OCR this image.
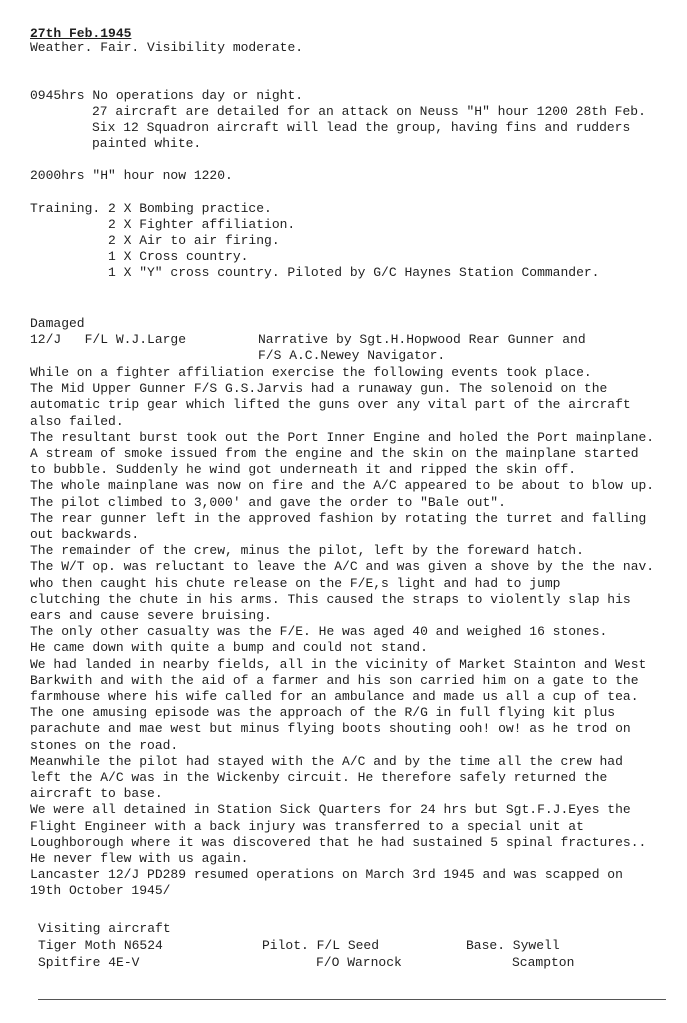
27th Feb.1945
Weather. Fair. Visibility moderate.
0945hrs No operations day or night.
27 aircraft are detailed for an attack on Neuss "H" hour 1200 28th Feb.
Six 12 Squadron aircraft will lead the group, having fins and rudders
painted white.
2000hrs "H" hour now 1220.
Training. 2 X Bombing practice.
2 X Fighter affiliation.
2 X Air to air firing.
1 X Cross country.
1 X "Y" cross country. Piloted by G/C Haynes Station Commander.
Damaged
12/J   F/L W.J.Large	Narrative by Sgt.H.Hopwood Rear Gunner and
F/S A.C.Newey Navigator.
While on a fighter affiliation exercise the following events took place.
The Mid Upper Gunner F/S G.S.Jarvis had a runaway gun. The solenoid on the
automatic trip gear which lifted the guns over any vital part of the aircraft
also failed.
The resultant burst took out the Port Inner Engine and holed the Port mainplane.
A stream of smoke issued from the engine and the skin on the mainplane started
to bubble. Suddenly he wind got underneath it and ripped the skin off.
The whole mainplane was now on fire and the A/C appeared to be about to blow up.
The pilot climbed to 3,000' and gave the order to "Bale out".
The rear gunner left in the approved fashion by rotating the turret and falling
out backwards.
The remainder of the crew, minus the pilot, left by the foreward hatch.
The W/T op. was reluctant to leave the A/C and was given a shove by the the nav.
who then caught his chute release on the F/E,s light and had to jump
clutching the chute in his arms. This caused the straps to violently slap his
ears and cause severe bruising.
The only other casualty was the F/E. He was aged 40 and weighed 16 stones.
He came down with quite a bump and could not stand.
We had landed in nearby fields, all in the vicinity of Market Stainton and West
Barkwith and with the aid of a farmer and his son carried him on a gate to the
farmhouse where his wife called for an ambulance and made us all a cup of tea.
The one amusing episode was the approach of the R/G in full flying kit plus
parachute and mae west but minus flying boots shouting ooh! ow! as he trod on
stones on the road.
Meanwhile the pilot had stayed with the A/C and by the time all the crew had
left the A/C was in the Wickenby circuit. He therefore safely returned the
aircraft to base.
We were all detained in Station Sick Quarters for 24 hrs but Sgt.F.J.Eyes the
Flight Engineer with a back injury was transferred to a special unit at
Loughborough where it was discovered that he had sustained 5 spinal fractures..
He never flew with us again.
Lancaster 12/J PD289 resumed operations on March 3rd 1945 and was scapped on
19th October 1945/
Visiting aircraft
Tiger Moth N6524	Pilot. F/L Seed	Base. Sywell
Spitfire 4E-V	F/O Warnock	Scampton
